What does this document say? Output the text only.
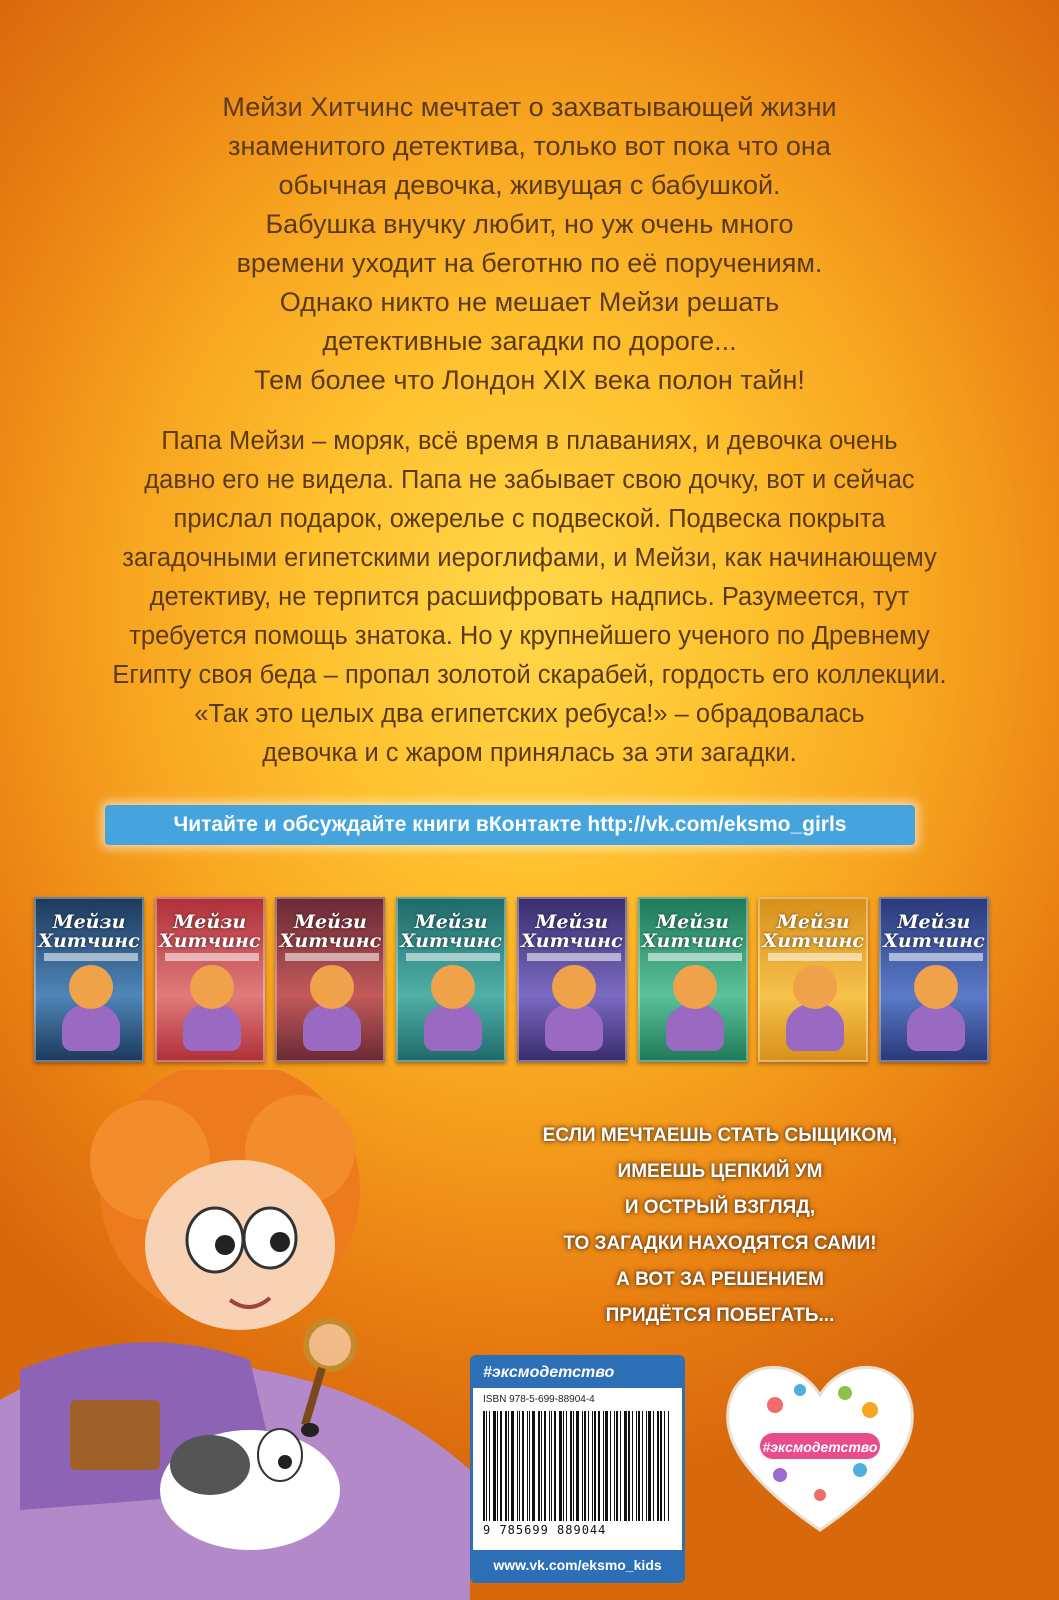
Мейзи Хитчинс мечтает о захватывающей жизни
знаменитого детектива, только вот пока что она
обычная девочка, живущая с бабушкой.
Бабушка внучку любит, но уж очень много
времени уходит на беготню по её поручениям.
Однако никто не мешает Мейзи решать
детективные загадки по дороге...
Тем более что Лондон XIX века полон тайн!
Папа Мейзи – моряк, всё время в плаваниях, и девочка очень
давно его не видела. Папа не забывает свою дочку, вот и сейчас
прислал подарок, ожерелье с подвеской. Подвеска покрыта
загадочными египетскими иероглифами, и Мейзи, как начинающему
детективу, не терпится расшифровать надпись. Разумеется, тут
требуется помощь знатока. Но у крупнейшего ученого по Древнему
Египту своя беда – пропал золотой скарабей, гордость его коллекции.
«Так это целых два египетских ребуса!» – обрадовалась
девочка и с жаром принялась за эти загадки.
Читайте и обсуждайте книги вКонтакте http://vk.com/eksmo_girls
Мейзи Хитчинс
Мейзи Хитчинс
Мейзи Хитчинс
Мейзи Хитчинс
Мейзи Хитчинс
Мейзи Хитчинс
Мейзи Хитчинс
Мейзи Хитчинс
ЕСЛИ МЕЧТАЕШЬ СТАТЬ СЫЩИКОМ,
ИМЕЕШЬ ЦЕПКИЙ УМ
И ОСТРЫЙ ВЗГЛЯД,
ТО ЗАГАДКИ НАХОДЯТСЯ САМИ!
А ВОТ ЗА РЕШЕНИЕМ
ПРИДЁТСЯ ПОБЕГАТЬ...
#эксмодетство
ISBN 978-5-699-88904-4
9 785699 889044
www.vk.com/eksmo_kids
#эксмодетство
